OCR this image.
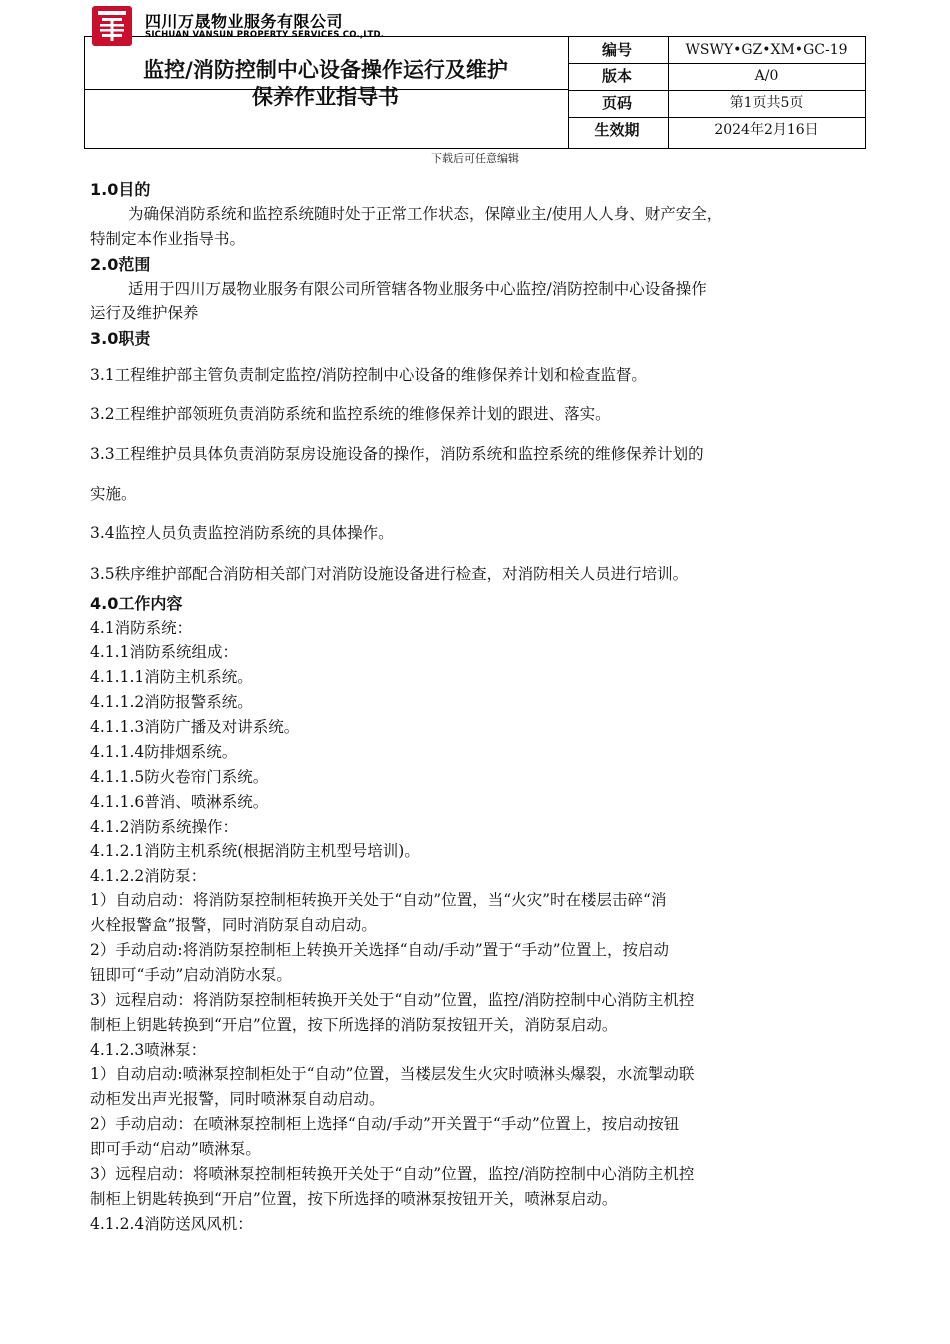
四川万晟物业服务有限公司
SICHUAN VANSUN PROPERTY SERVICES CO.,LTD.
监控/消防控制中心设备操作运行及维护
保养作业指导书
编号	WSWY•GZ•XM•GC-19
版本	A/0
页码	第1页共5页
生效期	2024年2月16日
下载后可任意编辑
1.0目的
为确保消防系统和监控系统随时处于正常工作状态，保障业主/使用人人身、财产安全，
特制定本作业指导书。
2.0范围
适用于四川万晟物业服务有限公司所管辖各物业服务中心监控/消防控制中心设备操作
运行及维护保养
3.0职责
3.1工程维护部主管负责制定监控/消防控制中心设备的维修保养计划和检查监督。
3.2工程维护部领班负责消防系统和监控系统的维修保养计划的跟进、落实。
3.3工程维护员具体负责消防泵房设施设备的操作，消防系统和监控系统的维修保养计划的
实施。
3.4监控人员负责监控消防系统的具体操作。
3.5秩序维护部配合消防相关部门对消防设施设备进行检查，对消防相关人员进行培训。
4.0工作内容
4.1消防系统：
4.1.1消防系统组成：
4.1.1.1消防主机系统。
4.1.1.2消防报警系统。
4.1.1.3消防广播及对讲系统。
4.1.1.4防排烟系统。
4.1.1.5防火卷帘门系统。
4.1.1.6普消、喷淋系统。
4.1.2消防系统操作：
4.1.2.1消防主机系统(根据消防主机型号培训)。
4.1.2.2消防泵：
1）自动启动：将消防泵控制柜转换开关处于“自动”位置，当“火灾”时在楼层击碎“消
火栓报警盒”报警，同时消防泵自动启动。
2）手动启动:将消防泵控制柜上转换开关选择“自动/手动”置于“手动”位置上，按启动
钮即可“手动”启动消防水泵。
3）远程启动：将消防泵控制柜转换开关处于“自动”位置，监控/消防控制中心消防主机控
制柜上钥匙转换到“开启”位置，按下所选择的消防泵按钮开关，消防泵启动。
4.1.2.3喷淋泵：
1）自动启动:喷淋泵控制柜处于“自动”位置，当楼层发生火灾时喷淋头爆裂，水流掣动联
动柜发出声光报警，同时喷淋泵自动启动。
2）手动启动：在喷淋泵控制柜上选择“自动/手动”开关置于“手动”位置上，按启动按钮
即可手动“启动”喷淋泵。
3）远程启动：将喷淋泵控制柜转换开关处于“自动”位置，监控/消防控制中心消防主机控
制柜上钥匙转换到“开启”位置，按下所选择的喷淋泵按钮开关，喷淋泵启动。
4.1.2.4消防送风风机：
